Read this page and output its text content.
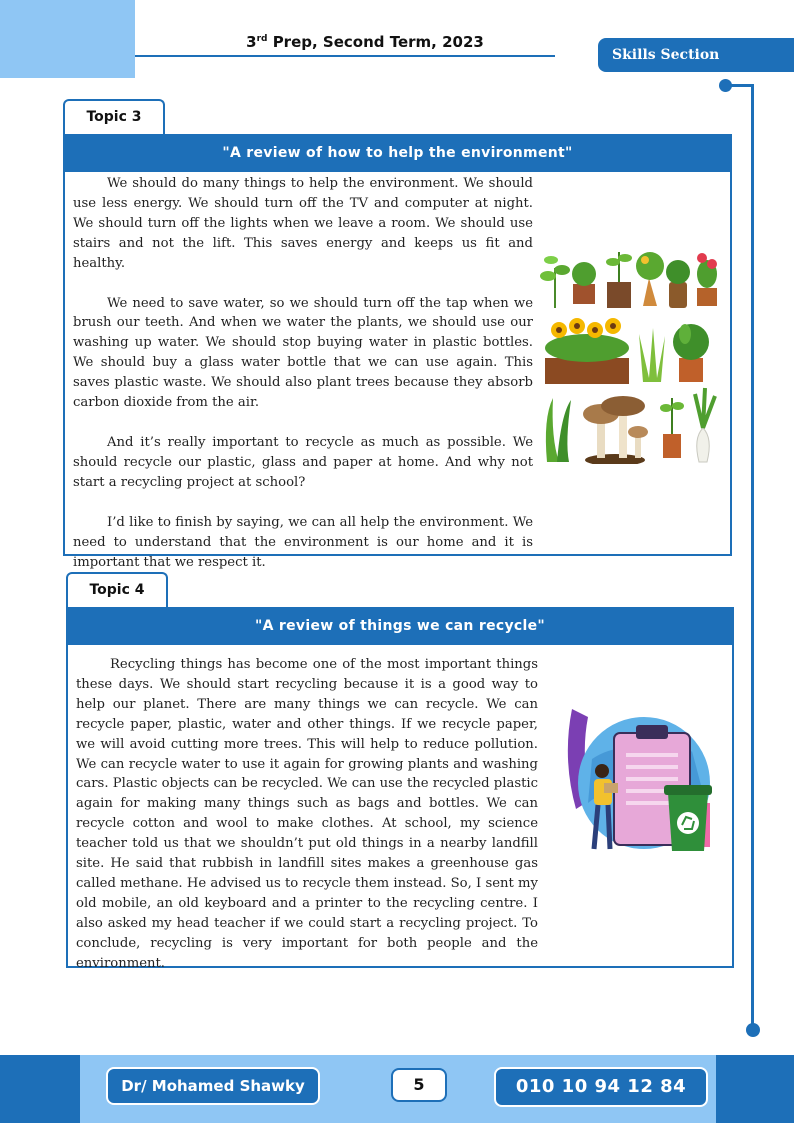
3rd Prep, Second Term, 2023
Skills Section
Topic 3
"A review of how to help the environment"

We should do many things to help the environment. We should use less energy. We should turn off the TV and computer at night. We should turn off the lights when we leave a room. We should use stairs and not the lift. This saves energy and keeps us fit and healthy.

We need to save water, so we should turn off the tap when we brush our teeth. And when we water the plants, we should use our washing up water. We should stop buying water in plastic bottles. We should buy a glass water bottle that we can use again. This saves plastic waste. We should also plant trees because they absorb carbon dioxide from the air.

And it’s really important to recycle as much as possible. We should recycle our plastic, glass and paper at home. And why not start a recycling project at school?

I’d like to finish by saying, we can all help the environment. We need to understand that the environment is our home and it is important that we respect it.

Topic 4
"A review of things we can recycle"

Recycling things has become one of the most important things these days. We should start recycling because it is a good way to help our planet. There are many things we can recycle. We can recycle paper, plastic, water and other things. If we recycle paper, we will avoid cutting more trees. This will help to reduce pollution. We can recycle water to use it again for growing plants and washing cars. Plastic objects can be recycled. We can use the recycled plastic again for making many things such as bags and bottles. We can recycle cotton and wool to make clothes. At school, my science teacher told us that we shouldn’t put old things in a nearby landfill site. He said that rubbish in landfill sites makes a greenhouse gas called methane. He advised us to recycle them instead. So, I sent my old mobile, an old keyboard and a printer to the recycling centre. I also asked my head teacher if we could start a recycling project. To conclude, recycling is very important for both people and the environment.

Dr/ Mohamed Shawky	5	010 10 94 12 84
